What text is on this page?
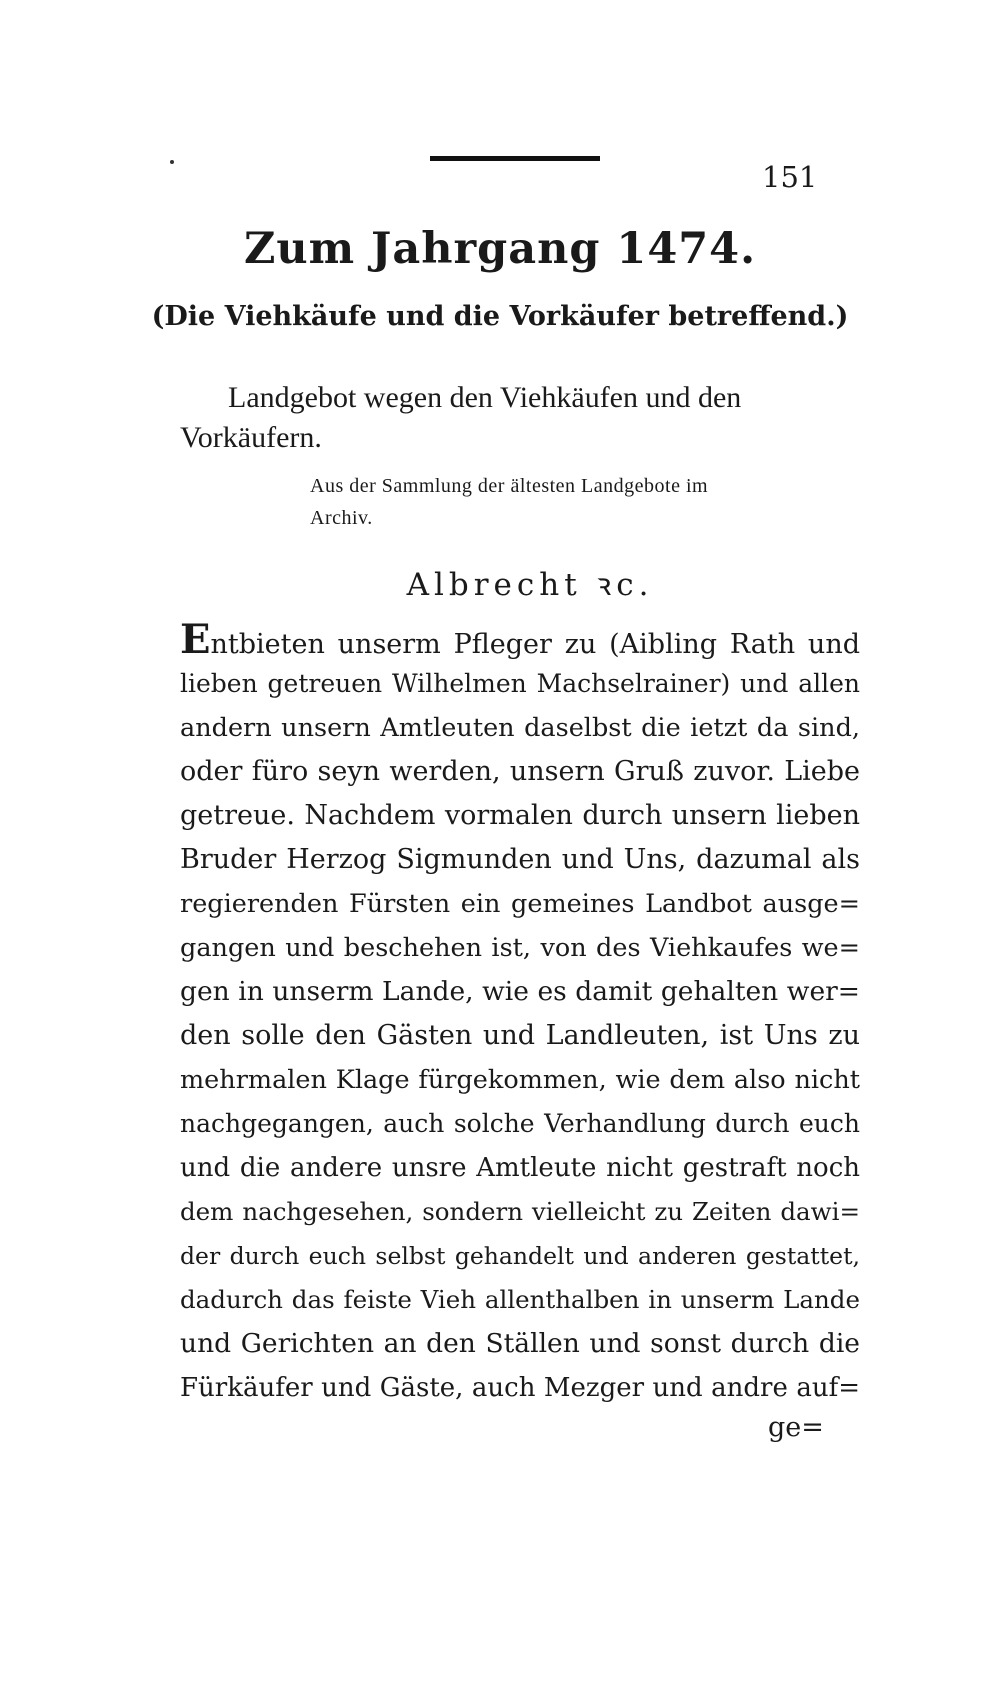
151
Zum Jahrgang 1474.
(Die Viehkäufe und die Vorkäufer betreffend.)
Landgebot wegen den Viehkäufen und den
Vorkäufern.
Aus der Sammlung der ältesten Landgebote im
Archiv.
Albrecht ꝛc.
Entbieten unserm Pfleger zu (Aibling Rath und
lieben getreuen Wilhelmen Machselrainer) und allen
andern unsern Amtleuten daselbst die ietzt da sind,
oder füro seyn werden, unsern Gruß zuvor. Liebe
getreue. Nachdem vormalen durch unsern lieben
Bruder Herzog Sigmunden und Uns, dazumal als
regierenden Fürsten ein gemeines Landbot ausge=
gangen und beschehen ist, von des Viehkaufes we=
gen in unserm Lande, wie es damit gehalten wer=
den solle den Gästen und Landleuten, ist Uns zu
mehrmalen Klage fürgekommen, wie dem also nicht
nachgegangen, auch solche Verhandlung durch euch
und die andere unsre Amtleute nicht gestraft noch
dem nachgesehen, sondern vielleicht zu Zeiten dawi=
der durch euch selbst gehandelt und anderen gestattet,
dadurch das feiste Vieh allenthalben in unserm Lande
und Gerichten an den Ställen und sonst durch die
Fürkäufer und Gäste, auch Mezger und andre auf=
ge=
